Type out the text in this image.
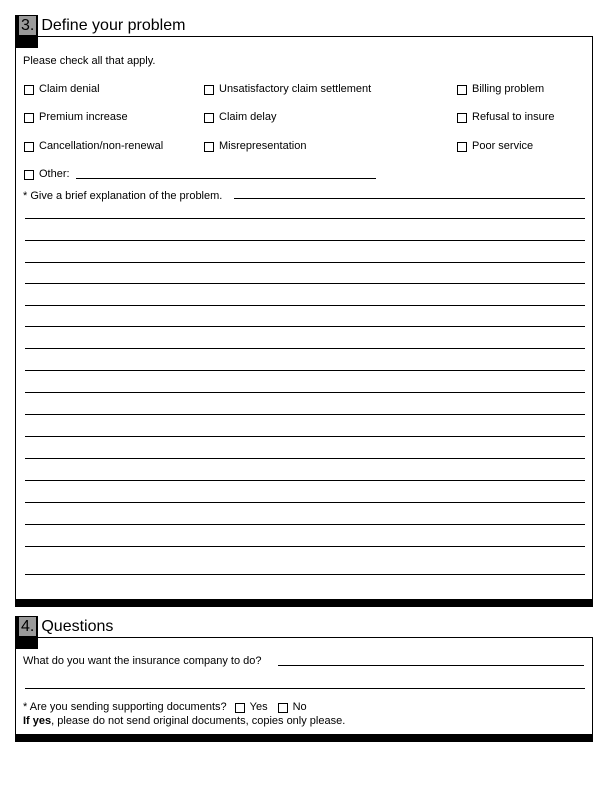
3. Define your problem
Please check all that apply.
Claim denial	Unsatisfactory claim settlement	Billing problem
Premium increase	Claim delay	Refusal to insure
Cancellation/non-renewal	Misrepresentation	Poor service
Other:
* Give a brief explanation of the problem.
4. Questions
What do you want the insurance company to do?
* Are you sending supporting documents? Yes No
If yes, please do not send original documents, copies only please.
